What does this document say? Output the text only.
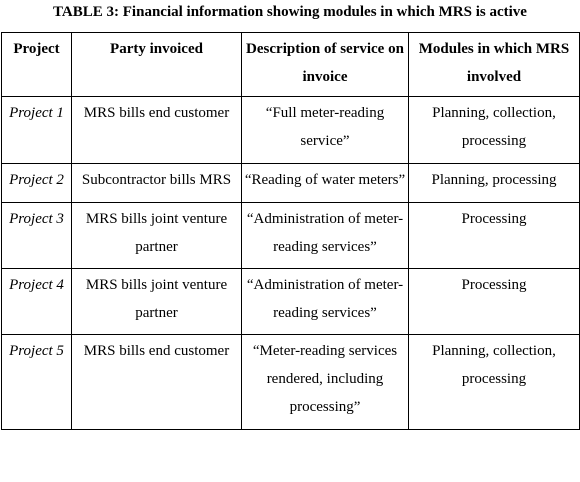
TABLE 3: Financial information showing modules in which MRS is active
Project	Party invoiced	Description of service on invoice	Modules in which MRS involved
Project 1	MRS bills end customer	“Full meter-reading service”	Planning, collection, processing
Project 2	Subcontractor bills MRS	“Reading of water meters”	Planning, processing
Project 3	MRS bills joint venture partner	“Administration of meter-reading services”	Processing
Project 4	MRS bills joint venture partner	“Administration of meter-reading services”	Processing
Project 5	MRS bills end customer	“Meter-reading services rendered, including processing”	Planning, collection, processing
